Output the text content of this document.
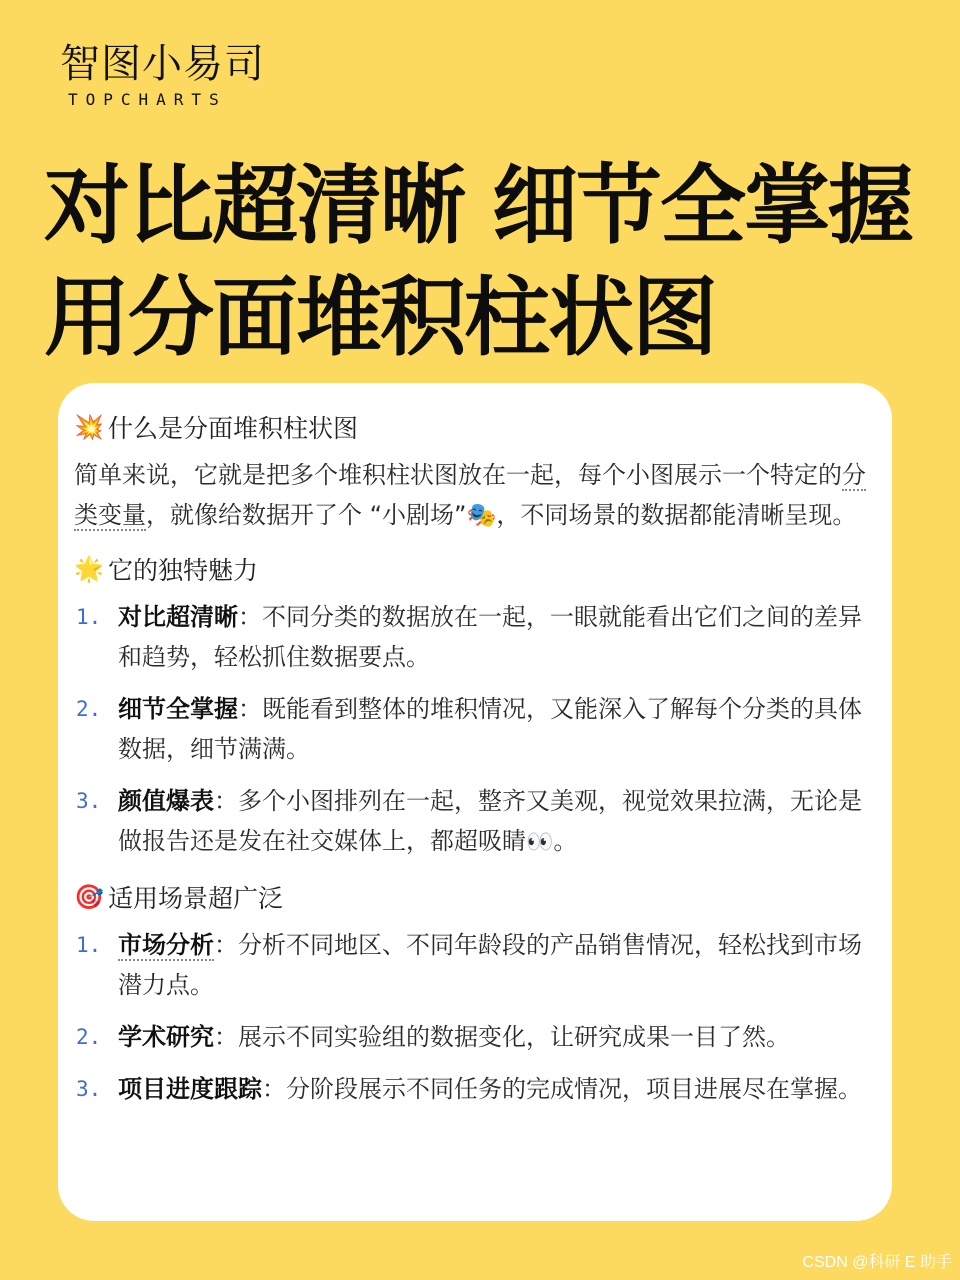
智图小易司
TOPCHARTS
对比超清晰 细节全掌握
用分面堆积柱状图
💥 什么是分面堆积柱状图

简单来说，它就是把多个堆积柱状图放在一起，每个小图展示一个特定的分类变量，就像给数据开了个 “小剧场”🎭，不同场景的数据都能清晰呈现。

🌟 它的独特魅力
1. 对比超清晰：不同分类的数据放在一起，一眼就能看出它们之间的差异和趋势，轻松抓住数据要点。
2. 细节全掌握：既能看到整体的堆积情况，又能深入了解每个分类的具体数据，细节满满。
3. 颜值爆表：多个小图排列在一起，整齐又美观，视觉效果拉满，无论是做报告还是发在社交媒体上，都超吸睛👀。
🎯 适用场景超广泛
1. 市场分析：分析不同地区、不同年龄段的产品销售情况，轻松找到市场潜力点。
2. 学术研究：展示不同实验组的数据变化，让研究成果一目了然。
3. 项目进度跟踪：分阶段展示不同任务的完成情况，项目进展尽在掌握。
CSDN @科研 E 助手
